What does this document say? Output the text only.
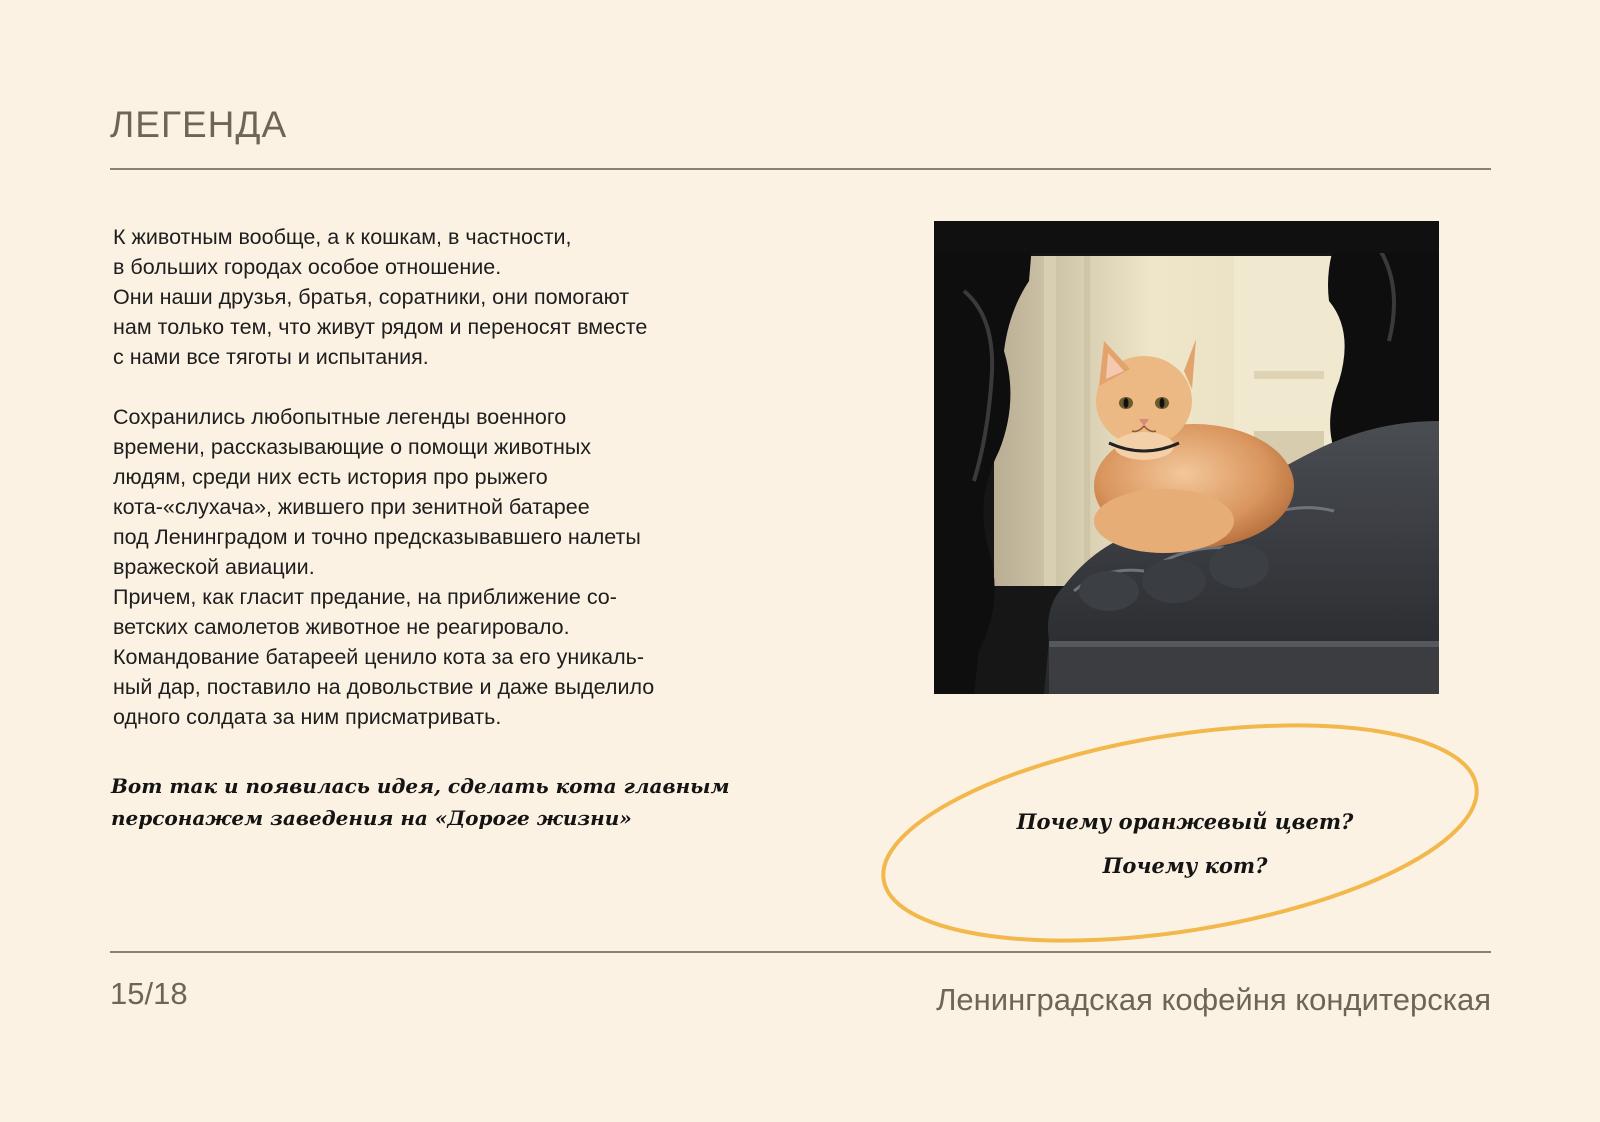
ЛЕГЕНДА
К животным вообще, а к кошкам, в частности,
в больших городах особое отношение.
Они наши друзья, братья, соратники, они помогают
нам только тем, что живут рядом и переносят вместе
с нами все тяготы и испытания.
Сохранились любопытные легенды военного
времени, рассказывающие о помощи животных
людям, среди них есть история про рыжего
кота-«слухача», жившего при зенитной батарее
под Ленинградом и точно предсказывавшего налеты
вражеской авиации.
Причем, как гласит предание, на приближение со-
ветских самолетов животное не реагировало.
Командование батареей ценило кота за его уникаль-
ный дар, поставило на довольствие и даже выделило
одного солдата за ним присматривать.
Вот так и появилась идея, сделать кота главным
персонажем заведения на «Дороге жизни»	Почему оранжевый цвет?
Почему кот?
15/18	Ленинградская кофейня кондитерская
